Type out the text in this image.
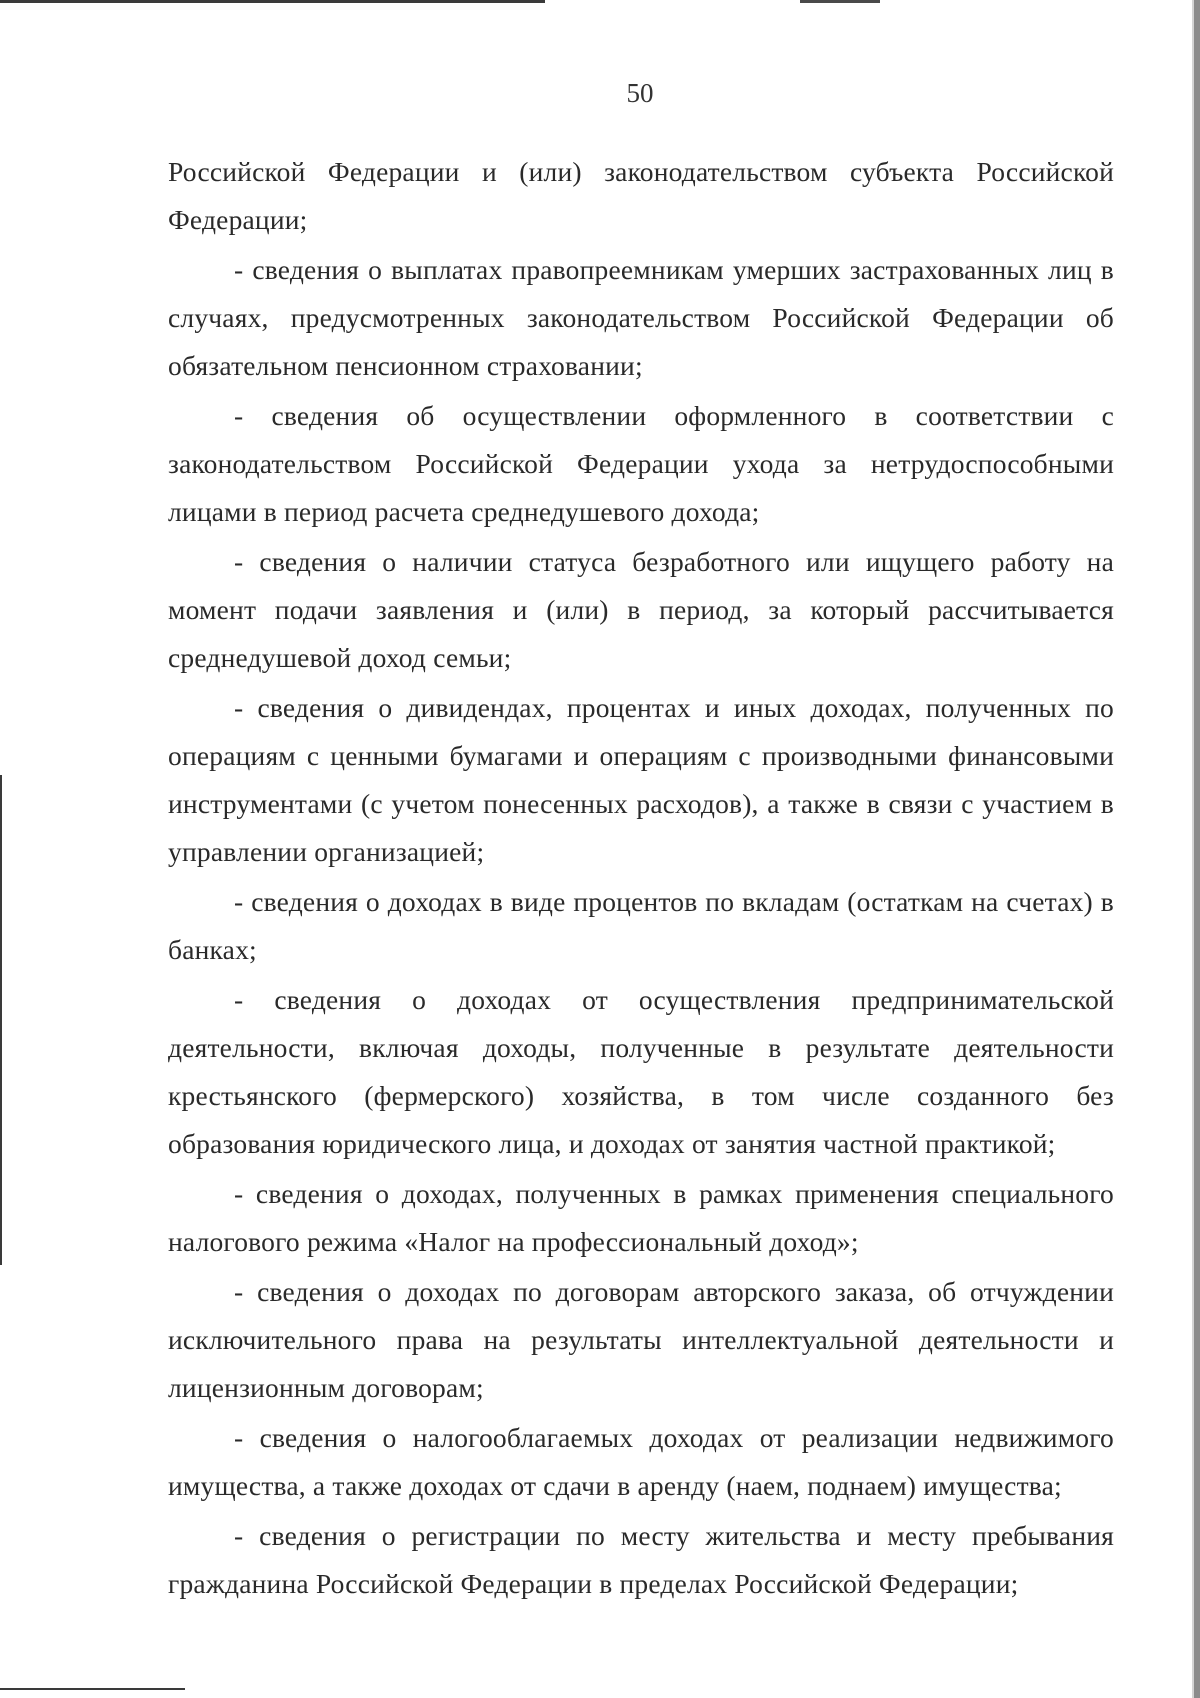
50

Российской Федерации и (или) законодательством субъекта Российской Федерации;

- сведения о выплатах правопреемникам умерших застрахованных лиц в случаях, предусмотренных законодательством Российской Федерации об обязательном пенсионном страховании;

- сведения об осуществлении оформленного в соответствии с законодательством Российской Федерации ухода за нетрудоспособными лицами в период расчета среднедушевого дохода;

- сведения о наличии статуса безработного или ищущего работу на момент подачи заявления и (или) в период, за который рассчитывается среднедушевой доход семьи;

- сведения о дивидендах, процентах и иных доходах, полученных по операциям с ценными бумагами и операциям с производными финансовыми инструментами (с учетом понесенных расходов), а также в связи с участием в управлении организацией;

- сведения о доходах в виде процентов по вкладам (остаткам на счетах) в банках;

- сведения о доходах от осуществления предпринимательской деятельности, включая доходы, полученные в результате деятельности крестьянского (фермерского) хозяйства, в том числе созданного без образования юридического лица, и доходах от занятия частной практикой;

- сведения о доходах, полученных в рамках применения специального налогового режима «Налог на профессиональный доход»;

- сведения о доходах по договорам авторского заказа, об отчуждении исключительного права на результаты интеллектуальной деятельности и лицензионным договорам;

- сведения о налогооблагаемых доходах от реализации недвижимого имущества, а также доходах от сдачи в аренду (наем, поднаем) имущества;

- сведения о регистрации по месту жительства и месту пребывания гражданина Российской Федерации в пределах Российской Федерации;
